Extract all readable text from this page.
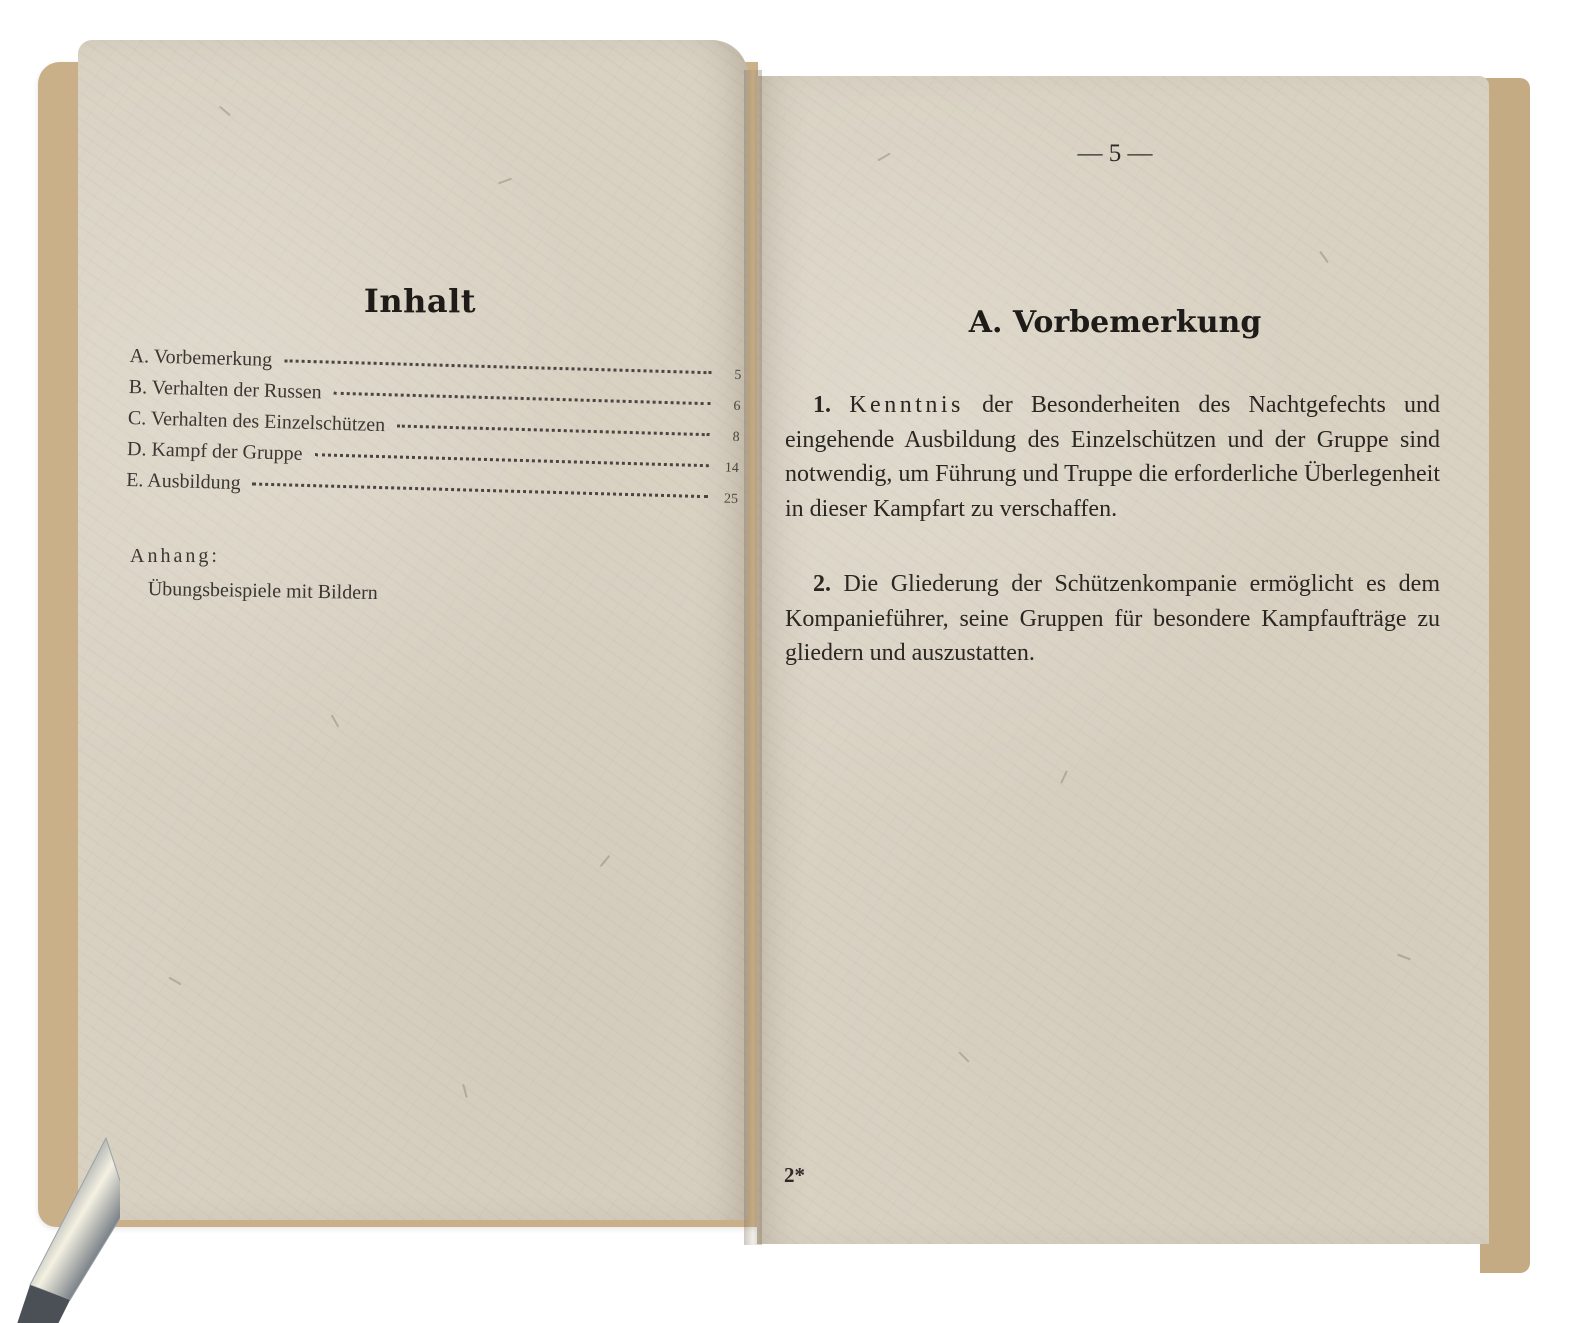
Inhalt
A. Vorbemerkung
5
B. Verhalten der Russen
6
C. Verhalten des Einzelschützen
8
D. Kampf der Gruppe
14
E. Ausbildung
25
Anhang:
Übungsbeispiele mit Bildern
— 5 —
A. Vorbemerkung

1. Kenntnis der Besonderheiten des Nachtgefechts und eingehende Ausbildung des Einzelschützen und der Gruppe sind notwendig, um Führung und Truppe die erforderliche Überlegenheit in dieser Kampfart zu verschaffen.

2. Die Gliederung der Schützenkompanie ermöglicht es dem Kompanieführer, seine Gruppen für besondere Kampfaufträge zu gliedern und auszustatten.

2*
